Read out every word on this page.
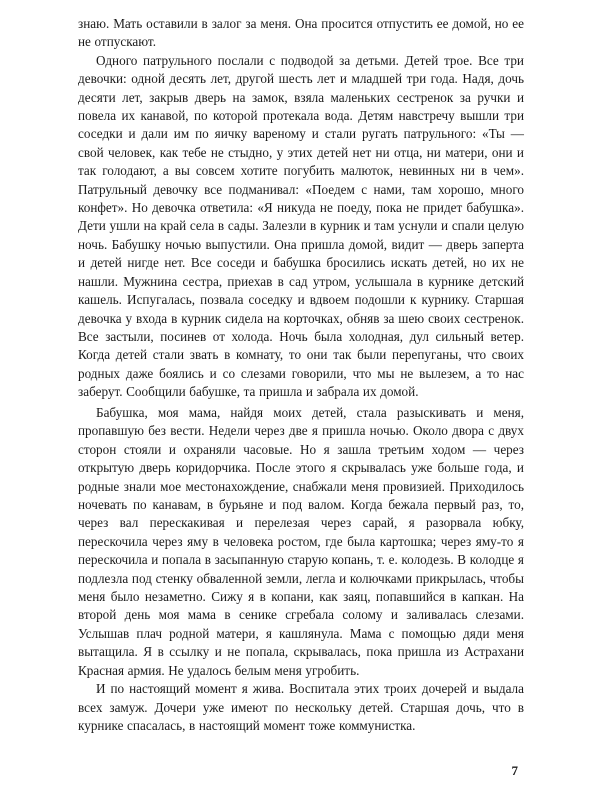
знаю. Мать оставили в залог за меня. Она просится отпустить ее домой, но ее не отпускают.

Одного патрульного послали с подводой за детьми. Детей трое. Все три девочки: одной десять лет, другой шесть лет и младшей три года. Надя, дочь десяти лет, закрыв дверь на замок, взяла маленьких сестренок за ручки и повела их канавой, по которой протекала вода. Детям навстречу вышли три соседки и дали им по яичку вареному и стали ругать патрульного: «Ты — свой человек, как тебе не стыдно, у этих детей нет ни отца, ни матери, они и так голодают, а вы совсем хотите погубить малюток, невинных ни в чем». Патрульный девочку все подманивал: «Поедем с нами, там хорошо, много конфет». Но девочка ответила: «Я никуда не поеду, пока не придет бабушка». Дети ушли на край села в сады. Залезли в курник и там уснули и спали целую ночь. Бабушку ночью выпустили. Она пришла домой, видит — дверь заперта и детей нигде нет. Все соседи и бабушка бросились искать детей, но их не нашли. Мужнина сестра, приехав в сад утром, услышала в курнике детский кашель. Испугалась, позвала соседку и вдвоем подошли к курнику. Старшая девочка у входа в курник сидела на корточках, обняв за шею своих сестренок. Все застыли, посинев от холода. Ночь была холодная, дул сильный ветер. Когда детей стали звать в комнату, то они так были перепуганы, что своих родных даже боялись и со слезами говорили, что мы не вылезем, а то нас заберут. Сообщили бабушке, та пришла и забрала их домой.

Бабушка, моя мама, найдя моих детей, стала разыскивать и меня, пропавшую без вести. Недели через две я пришла ночью. Около двора с двух сторон стояли и охраняли часовые. Но я зашла третьим ходом — через открытую дверь коридорчика. После этого я скрывалась уже больше года, и родные знали мое местонахождение, снабжали меня провизией. Приходилось ночевать по канавам, в бурьяне и под валом. Когда бежала первый раз, то, через вал перескакивая и перелезая через сарай, я разорвала юбку, перескочила через яму в человека ростом, где была картошка; через яму-то я перескочила и попала в засыпанную старую копань, т. е. колодезь. В колодце я подлезла под стенку обваленной земли, легла и колючками прикрылась, чтобы меня было незаметно. Сижу я в копани, как заяц, попавшийся в капкан. На второй день моя мама в сенике сгребала солому и заливалась слезами. Услышав плач родной матери, я кашлянула. Мама с помощью дяди меня вытащила. Я в ссылку и не попала, скрывалась, пока пришла из Астрахани Красная армия. Не удалось белым меня угробить.

И по настоящий момент я жива. Воспитала этих троих дочерей и выдала всех замуж. Дочери уже имеют по нескольку детей. Старшая дочь, что в курнике спасалась, в настоящий момент тоже коммунистка.

7
